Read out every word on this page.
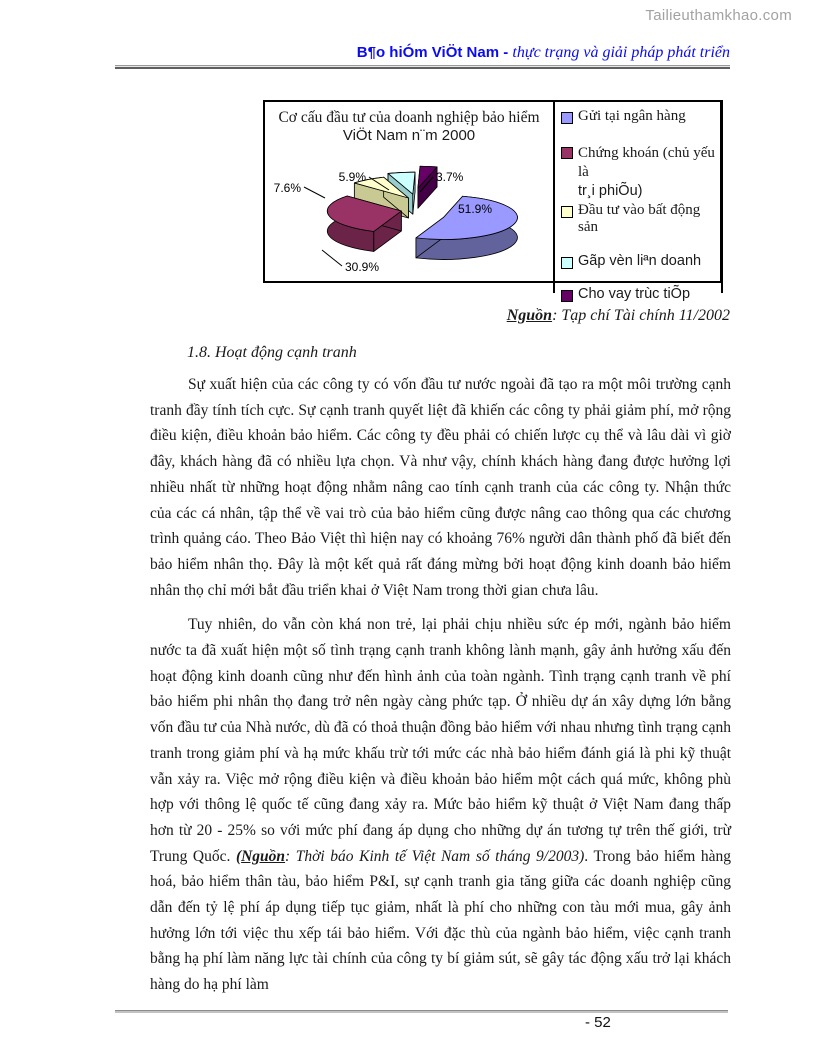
Tailieuthamkhao.com
B¶o hiÓm ViÖt Nam - thực trạng và giải pháp phát triển
Cơ cấu đầu tư của doanh nghiệp bảo hiểm
ViÖt Nam n¨m 2000
51.9%
30.9%
7.6%
5.9%	3.7%
Gửi tại ngân hàng
Chứng khoán (chủ yếu là
tr¸i phiÕu)
Đầu tư vào bất động sản
Gãp vèn liªn doanh
Cho vay trùc tiÕp
Nguồn: Tạp chí Tài chính 11/2002
1.8. Hoạt động cạnh tranh

Sự xuất hiện của các công ty có vốn đầu tư nước ngoài đã tạo ra một môi trường cạnh tranh đầy tính tích cực. Sự cạnh tranh quyết liệt đã khiến các công ty phải giảm phí, mở rộng điều kiện, điều khoản bảo hiểm. Các công ty đều phải có chiến lược cụ thể và lâu dài vì giờ đây, khách hàng đã có nhiều lựa chọn. Và như vậy, chính khách hàng đang được hưởng lợi nhiều nhất từ những hoạt động nhằm nâng cao tính cạnh tranh của các công ty. Nhận thức của các cá nhân, tập thể về vai trò của bảo hiểm cũng được nâng cao thông qua các chương trình quảng cáo. Theo Bảo Việt thì hiện nay có khoảng 76% người dân thành phố đã biết đến bảo hiểm nhân thọ. Đây là một kết quả rất đáng mừng bởi hoạt động kinh doanh bảo hiểm nhân thọ chỉ mới bắt đầu triển khai ở Việt Nam trong thời gian chưa lâu.

Tuy nhiên, do vẫn còn khá non trẻ, lại phải chịu nhiều sức ép mới, ngành bảo hiểm nước ta đã xuất hiện một số tình trạng cạnh tranh không lành mạnh, gây ảnh hưởng xấu đến hoạt động kinh doanh cũng như đến hình ảnh của toàn ngành. Tình trạng cạnh tranh về phí bảo hiểm phi nhân thọ đang trở nên ngày càng phức tạp. Ở nhiều dự án xây dựng lớn bằng vốn đầu tư của Nhà nước, dù đã có thoả thuận đồng bảo hiểm với nhau nhưng tình trạng cạnh tranh trong giảm phí và hạ mức khấu trừ tới mức các nhà bảo hiểm đánh giá là phi kỹ thuật vẫn xảy ra. Việc mở rộng điều kiện và điều khoản bảo hiểm một cách quá mức, không phù hợp với thông lệ quốc tế cũng đang xảy ra. Mức bảo hiểm kỹ thuật ở Việt Nam đang thấp hơn từ 20 - 25% so với mức phí đang áp dụng cho những dự án tương tự trên thế giới, trừ Trung Quốc. (Nguồn: Thời báo Kinh tế Việt Nam số tháng 9/2003). Trong bảo hiểm hàng hoá, bảo hiểm thân tàu, bảo hiểm P&I, sự cạnh tranh gia tăng giữa các doanh nghiệp cũng dẫn đến tỷ lệ phí áp dụng tiếp tục giảm, nhất là phí cho những con tàu mới mua, gây ảnh hưởng lớn tới việc thu xếp tái bảo hiểm. Với đặc thù của ngành bảo hiểm, việc cạnh tranh bằng hạ phí làm năng lực tài chính của công ty bí giảm sút, sẽ gây tác động xấu trở lại khách hàng do hạ phí làm

- 52
